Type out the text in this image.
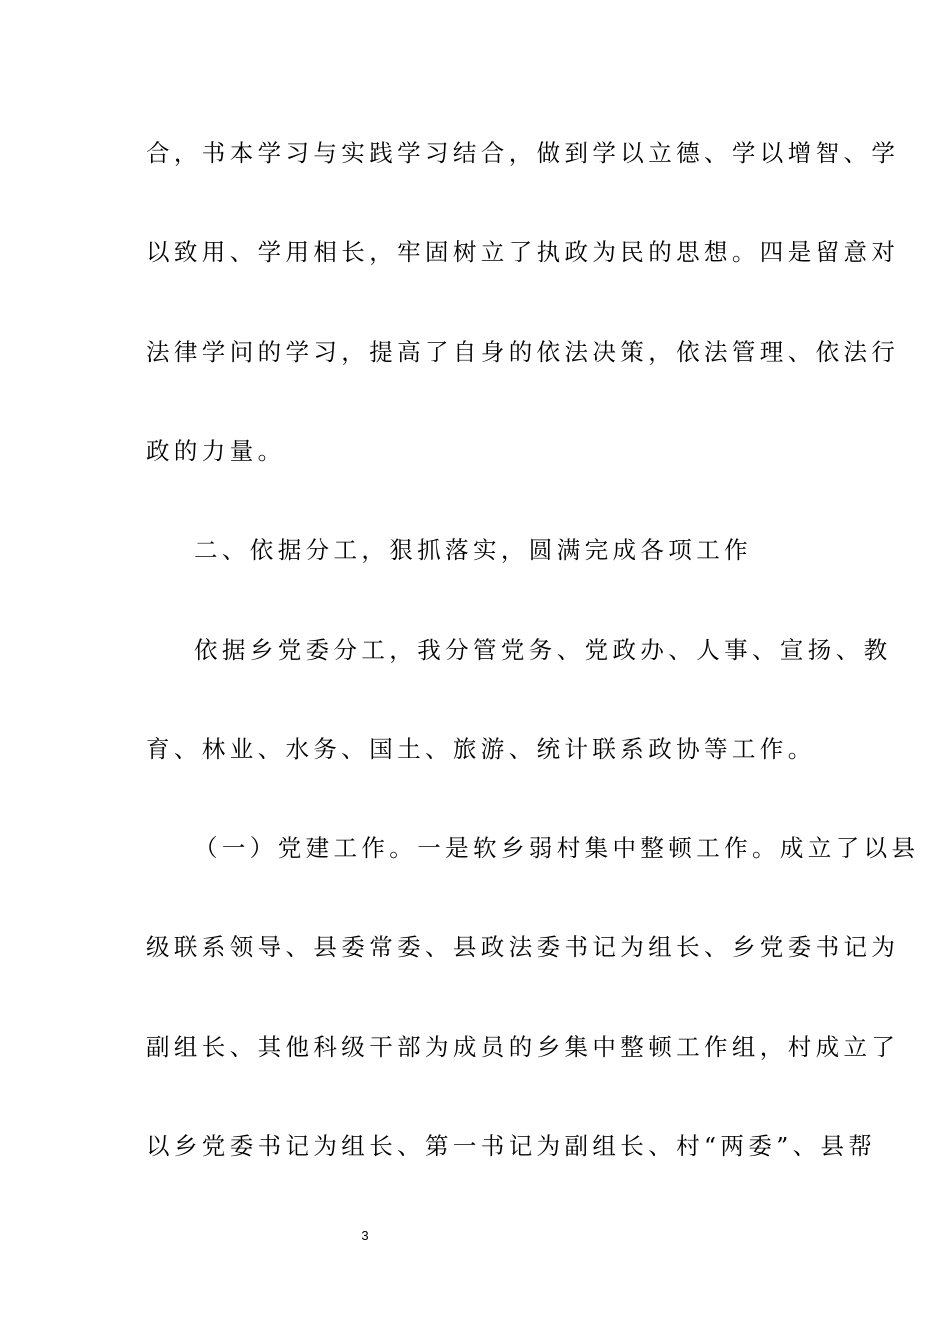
合，书本学习与实践学习结合，做到学以立德、学以增智、学
以致用、学用相长，牢固树立了执政为民的思想。四是留意对
法律学问的学习，提高了自身的依法决策，依法管理、依法行
政的力量。
二、依据分工，狠抓落实，圆满完成各项工作
依据乡党委分工，我分管党务、党政办、人事、宣扬、教
育、林业、水务、国土、旅游、统计联系政协等工作。
（一）党建工作。一是软乡弱村集中整顿工作。成立了以县
级联系领导、县委常委、县政法委书记为组长、乡党委书记为
副组长、其他科级干部为成员的乡集中整顿工作组，村成立了
以乡党委书记为组长、第一书记为副组长、村“两委”、县帮
3
